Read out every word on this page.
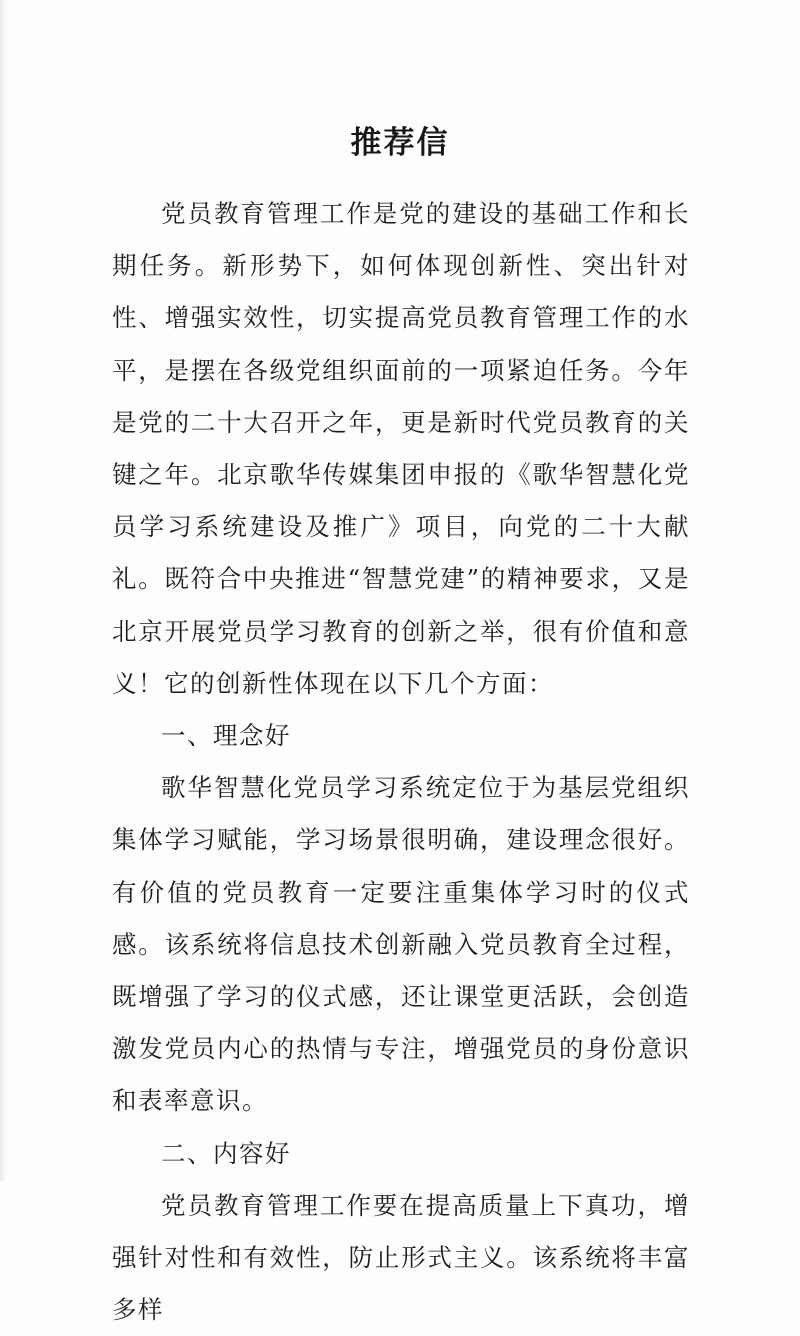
推荐信

党员教育管理工作是党的建设的基础工作和长期任务。新形势下，如何体现创新性、突出针对性、增强实效性，切实提高党员教育管理工作的水平，是摆在各级党组织面前的一项紧迫任务。今年是党的二十大召开之年，更是新时代党员教育的关键之年。北京歌华传媒集团申报的《歌华智慧化党员学习系统建设及推广》项目，向党的二十大献礼。既符合中央推进“智慧党建”的精神要求，又是北京开展党员学习教育的创新之举，很有价值和意义！它的创新性体现在以下几个方面：

一、理念好

歌华智慧化党员学习系统定位于为基层党组织集体学习赋能，学习场景很明确，建设理念很好。有价值的党员教育一定要注重集体学习时的仪式感。该系统将信息技术创新融入党员教育全过程，既增强了学习的仪式感，还让课堂更活跃，会创造激发党员内心的热情与专注，增强党员的身份意识和表率意识。

二、内容好

党员教育管理工作要在提高质量上下真功，增强针对性和有效性，防止形式主义。该系统将丰富多样
